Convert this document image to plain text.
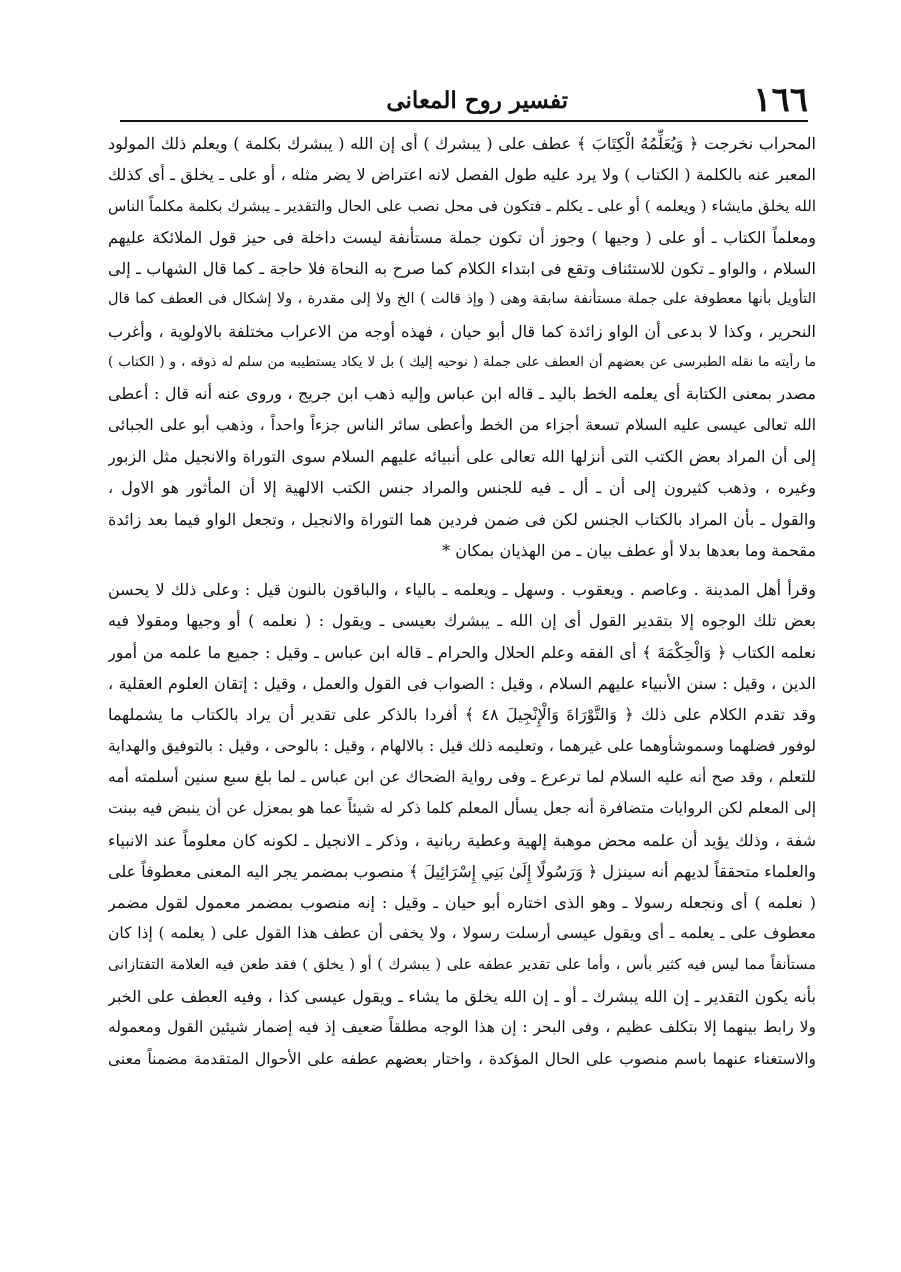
١٦٦
تفسير روح المعانى
المحراب نخرجت ﴿ وَيُعَلِّمُهُ الْكِتَابَ ﴾ عطف على ( يبشرك ) أى إن الله ( يبشرك بكلمة ) ويعلم ذلك المولود
المعبر عنه بالكلمة ( الكتاب ) ولا يرد عليه طول الفصل لانه اعتراض لا يضر مثله ، أو على ـ يخلق ـ أى كذلك
الله يخلق مايشاء ( ويعلمه ) أو على ـ يكلم ـ فتكون فى محل نصب على الحال والتقدير ـ يبشرك بكلمة مكلماً الناس
ومعلماً الكتاب ـ أو على ( وجيها ) وجوز أن تكون جملة مستأنفة ليست داخلة فى حيز قول الملائكة عليهم
السلام ، والواو ـ تكون للاستئناف وتقع فى ابتداء الكلام كما صرح به النحاة فلا حاجة ـ كما قال الشهاب ـ إلى
التأويل بأنها معطوفة على جملة مستأنفة سابقة وهى ( وإذ قالت ) الخ ولا إلى مقدرة ، ولا إشكال فى العطف كما قال
النحرير ، وكذا لا بدعى أن الواو زائدة كما قال أبو حيان ، فهذه أوجه من الاعراب مختلفة بالاولوية ، وأغرب
ما رأيته ما نقله الطبرسى عن بعضهم أن العطف على جملة ( نوحيه إليك ) بل لا يكاد يستطيبه من سلم له ذوقه ، و ( الكتاب )
مصدر بمعنى الكتابة أى يعلمه الخط باليد ـ قاله ابن عباس وإليه ذهب ابن جريج ، وروى عنه أنه قال : أعطى
الله تعالى عيسى عليه السلام تسعة أجزاء من الخط وأعطى سائر الناس جزءاً واحداً ، وذهب أبو على الجبائى
إلى أن المراد بعض الكتب التى أنزلها الله تعالى على أنبيائه عليهم السلام سوى التوراة والانجيل مثل الزبور
وغيره ، وذهب كثيرون إلى أن ـ أل ـ فيه للجنس والمراد جنس الكتب الالهية إلا أن المأثور هو الاول ،
والقول ـ بأن المراد بالكتاب الجنس لكن فى ضمن فردين هما التوراة والانجيل ، وتجعل الواو فيما بعد زائدة
مقحمة وما بعدها بدلا أو عطف بيان ـ من الهذيان بمكان *
وقرأ أهل المدينة . وعاصم . ويعقوب . وسهل ـ ويعلمه ـ بالياء ، والباقون بالنون قيل : وعلى ذلك لا يحسن
بعض تلك الوجوه إلا بتقدير القول أى إن الله ـ يبشرك بعيسى ـ ويقول : ( نعلمه ) أو وجيها ومقولا فيه
نعلمه الكتاب ﴿ وَالْحِكْمَةَ ﴾ أى الفقه وعلم الحلال والحرام ـ قاله ابن عباس ـ وقيل : جميع ما علمه من أمور
الدين ، وقيل : سنن الأنبياء عليهم السلام ، وقيل : الصواب فى القول والعمل ، وقيل : إتقان العلوم العقلية ،
وقد تقدم الكلام على ذلك ﴿ وَالتَّوْرَاةَ وَالْإِنْجِيلَ ٤٨ ﴾ أفردا بالذكر على تقدير أن يراد بالكتاب ما يشملهما
لوفور فضلهما وسموشأوهما على غيرهما ، وتعليمه ذلك قيل : بالالهام ، وقيل : بالوحى ، وقيل : بالتوفيق والهداية
للتعلم ، وقد صح أنه عليه السلام لما ترعرع ـ وفى رواية الضحاك عن ابن عباس ـ لما بلغ سبع سنين أسلمته أمه
إلى المعلم لكن الروايات متضافرة أنه جعل يسأل المعلم كلما ذكر له شيئاً عما هو بمعزل عن أن ينبض فيه ببنت
شفة ، وذلك يؤيد أن علمه محض موهبة إلهية وعطية ربانية ، وذكر ـ الانجيل ـ لكونه كان معلوماً عند الانبياء
والعلماء متحققاً لديهم أنه سينزل ﴿ وَرَسُولًا إِلَىٰ بَنِي إِسْرَائِيلَ ﴾ منصوب بمضمر يجر اليه المعنى معطوفاً على
( نعلمه ) أى ونجعله رسولا ـ وهو الذى اختاره أبو حيان ـ وقيل : إنه منصوب بمضمر معمول لقول مضمر
معطوف على ـ يعلمه ـ أى ويقول عيسى أرسلت رسولا ، ولا يخفى أن عطف هذا القول على ( يعلمه ) إذا كان
مستأنفاً مما ليس فيه كثير بأس ، وأما على تقدير عطفه على ( يبشرك ) أو ( يخلق ) فقد طعن فيه العلامة التفتازانى
بأنه يكون التقدير ـ إن الله يبشرك ـ أو ـ إن الله يخلق ما يشاء ـ ويقول عيسى كذا ، وفيه العطف على الخبر
ولا رابط بينهما إلا بتكلف عظيم ، وفى البحر : إن هذا الوجه مطلقاً ضعيف إذ فيه إضمار شيئين القول ومعموله
والاستغناء عنهما باسم منصوب على الحال المؤكدة ، واختار بعضهم عطفه على الأحوال المتقدمة مضمناً معنى
